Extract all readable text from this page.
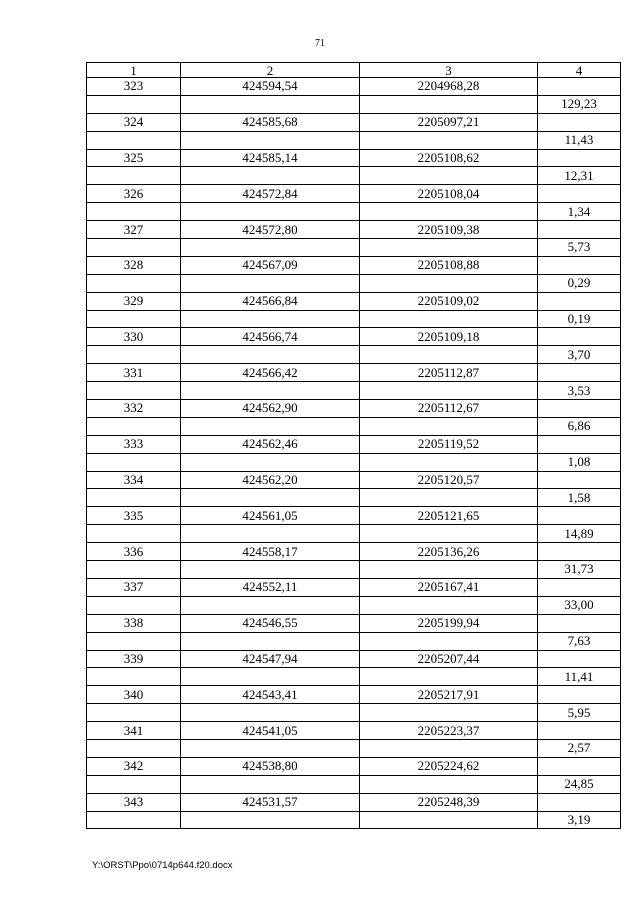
71
1	2	3	4
323	424594,54	2204968,28	
			129,23
324	424585,68	2205097,21	
			11,43
325	424585,14	2205108,62	
			12,31
326	424572,84	2205108,04	
			1,34
327	424572,80	2205109,38	
			5,73
328	424567,09	2205108,88	
			0,29
329	424566,84	2205109,02	
			0,19
330	424566,74	2205109,18	
			3,70
331	424566,42	2205112,87	
			3,53
332	424562,90	2205112,67	
			6,86
333	424562,46	2205119,52	
			1,08
334	424562,20	2205120,57	
			1,58
335	424561,05	2205121,65	
			14,89
336	424558,17	2205136,26	
			31,73
337	424552,11	2205167,41	
			33,00
338	424546,55	2205199,94	
			7,63
339	424547,94	2205207,44	
			11,41
340	424543,41	2205217,91	
			5,95
341	424541,05	2205223,37	
			2,57
342	424538,80	2205224,62	
			24,85
343	424531,57	2205248,39	
			3,19
Y:\ORST\Ppo\0714p644.f20.docx
